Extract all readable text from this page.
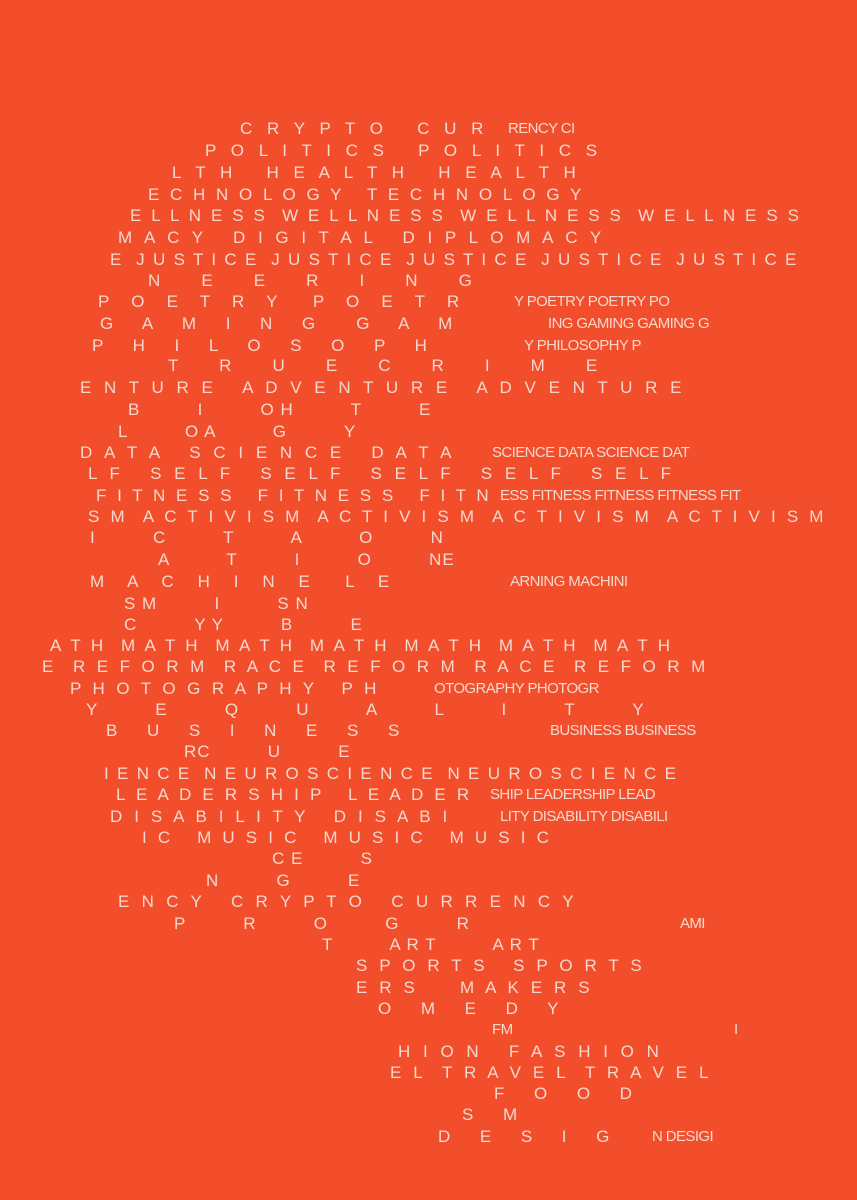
C R Y P T O   C U R RENCY CI
P O L I T I C S   P O L I T I C S
L T H   H E A L T H   H E A L T H
E C H N O L O G Y   T E C H N O L O G Y
E L L N E S S  W E L L N E S S  W E L L N E S S  W E L L N E S S
M A C Y   D I G I T A L   D I P L O M A C Y
E  J U S T I C E  J U S T I C E  J U S T I C E  J U S T I C E  J U S T I C E
N       E       E       R       I       N       G
P   O   E   T   R   Y     P   O   E   T   R	Y POETRY POETRY PO
G     A     M     I     N     G       G     A     M	ING GAMING GAMING G
P     H     I     L     O     S     O     P     H	Y PHILOSOPHY P
T       R       U       E       C       R       I       M       E
E N T U R E   A D V E N T U R E   A D V E N T U R E
B          I          O H          T          E
L          O A          G          Y
D A T A   S C I E N C E   D A T A SCIENCE DATA SCIENCE DAT
L F   S E L F   S E L F   S E L F   S E L F   S E L F
F I T N E S S   F I T N E S S   F I T N ESS FITNESS FITNESS FITNESS FIT
S M  A C T I V I S M  A C T I V I S M  A C T I V I S M  A C T I V I S M
I          C          T          A          O          N
A          T          I          O          NE
M    A    C    H    I    N    E      L    E	ARNING MACHINI
S M          I          S N
C          Y Y          B          E
A T H  M A T H  M A T H  M A T H  M A T H  M A T H  M A T H
E  R E F O R M  R A C E  R E F O R M  R A C E  R E F O R M
P H O T O G R A P H Y   P H	OTOGRAPHY PHOTOGR
Y          E          Q          U          A          L          I          T          Y
B     U     S     I     N     E     S     S	BUSINESS BUSINESS
RC          U          E
I E N C E  N E U R O S C I E N C E  N E U R O S C I E N C E
L E A D E R S H I P   L E A D E R SHIP LEADERSHIP LEAD
D I S A B I L I T Y   D I S A B I	LITY DISABILITY DISABILI
I C   M U S I C   M U S I C   M U S I C
C E          S
N          G          E
E N C Y   C R Y P T O   C U R R E N C Y
P          R          O          G          R	AMI
T          A R T          A R T
S P O R T S   S P O R T S
E R S     M A K E R S
O     M     E     D     Y
FM	I
H I O N   F A S H I O N
E L  T R A V E L  T R A V E L
F     O     O     D
S     M
D     E     S     I     G	N DESIGI
